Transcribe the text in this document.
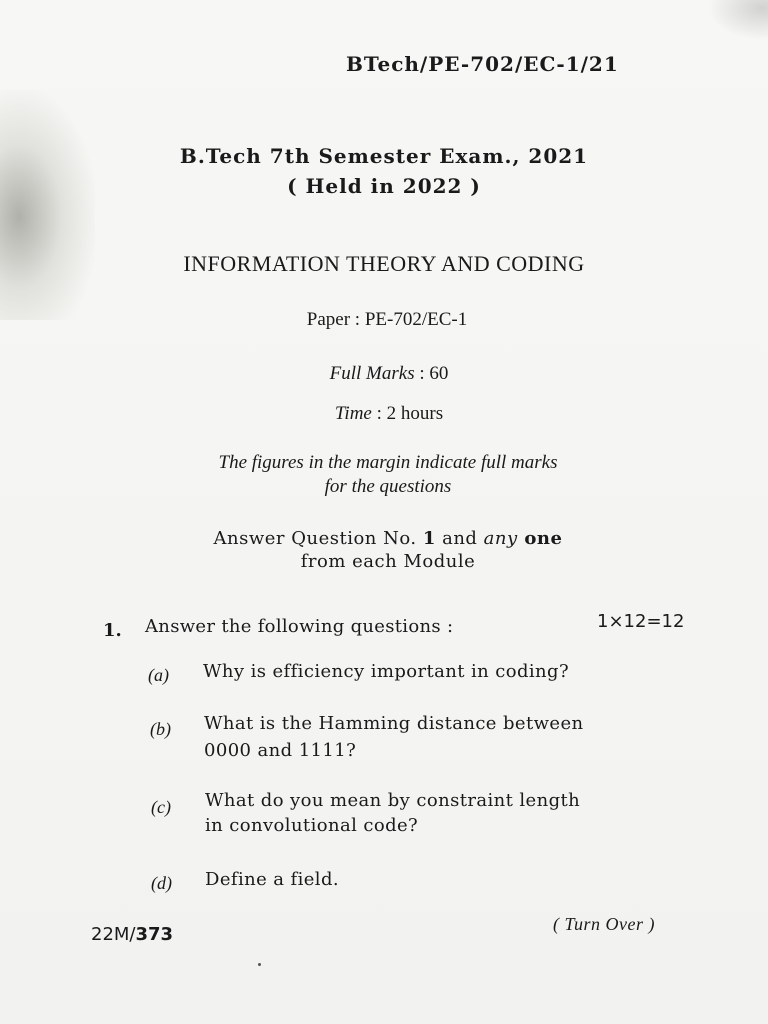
BTech/PE-702/EC-1/21
B.Tech 7th Semester Exam., 2021
( Held in 2022 )
INFORMATION THEORY AND CODING
Paper : PE-702/EC-1
Full Marks : 60
Time : 2 hours
The figures in the margin indicate full marks
for the questions
Answer Question No. 1 and any one
from each Module
1. Answer the following questions :	1×12=12
(a) Why is efficiency important in coding?
(b) What is the Hamming distance between
0000 and 1111?
(c) What do you mean by constraint length
in convolutional code?
(d) Define a field.
22M/373	( Turn Over )
